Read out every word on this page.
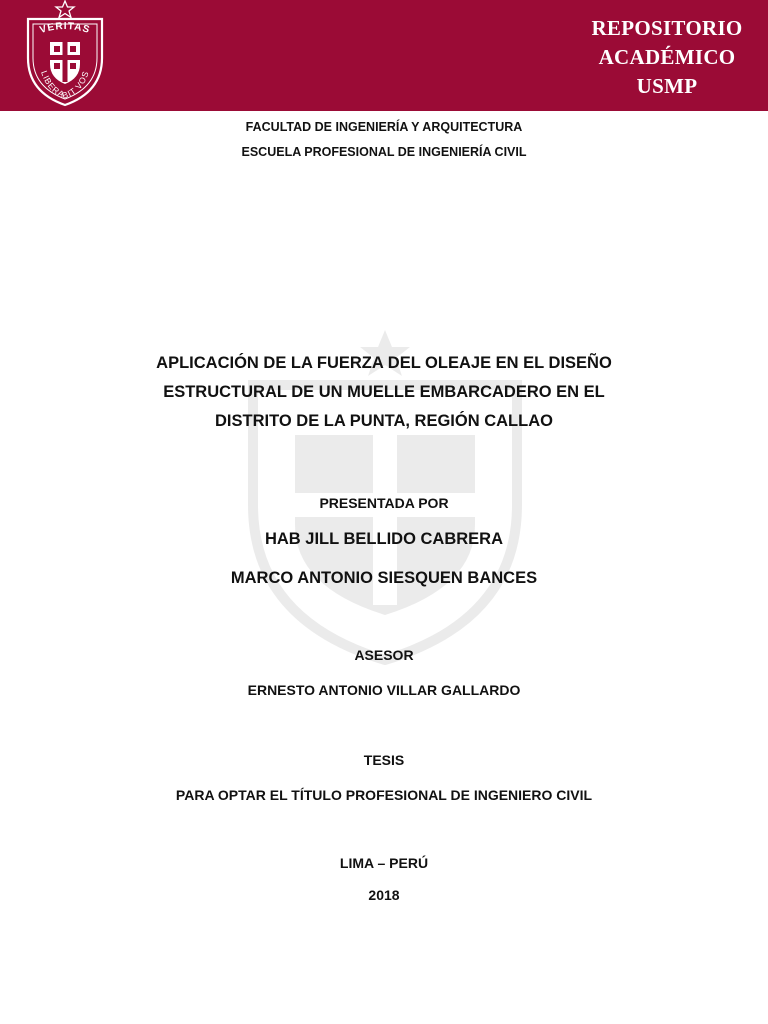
VERITAS
LIBERABIT VOS
REPOSITORIO
ACADÉMICO
USMP
FACULTAD DE INGENIERÍA Y ARQUITECTURA
ESCUELA PROFESIONAL DE INGENIERÍA CIVIL
APLICACIÓN DE LA FUERZA DEL OLEAJE EN EL DISEÑO
ESTRUCTURAL DE UN MUELLE EMBARCADERO EN EL
DISTRITO DE LA PUNTA, REGIÓN CALLAO
PRESENTADA POR
HAB JILL BELLIDO CABRERA
MARCO ANTONIO SIESQUEN BANCES
ASESOR
ERNESTO ANTONIO VILLAR GALLARDO
TESIS
PARA OPTAR EL TÍTULO PROFESIONAL DE INGENIERO CIVIL
LIMA – PERÚ
2018
